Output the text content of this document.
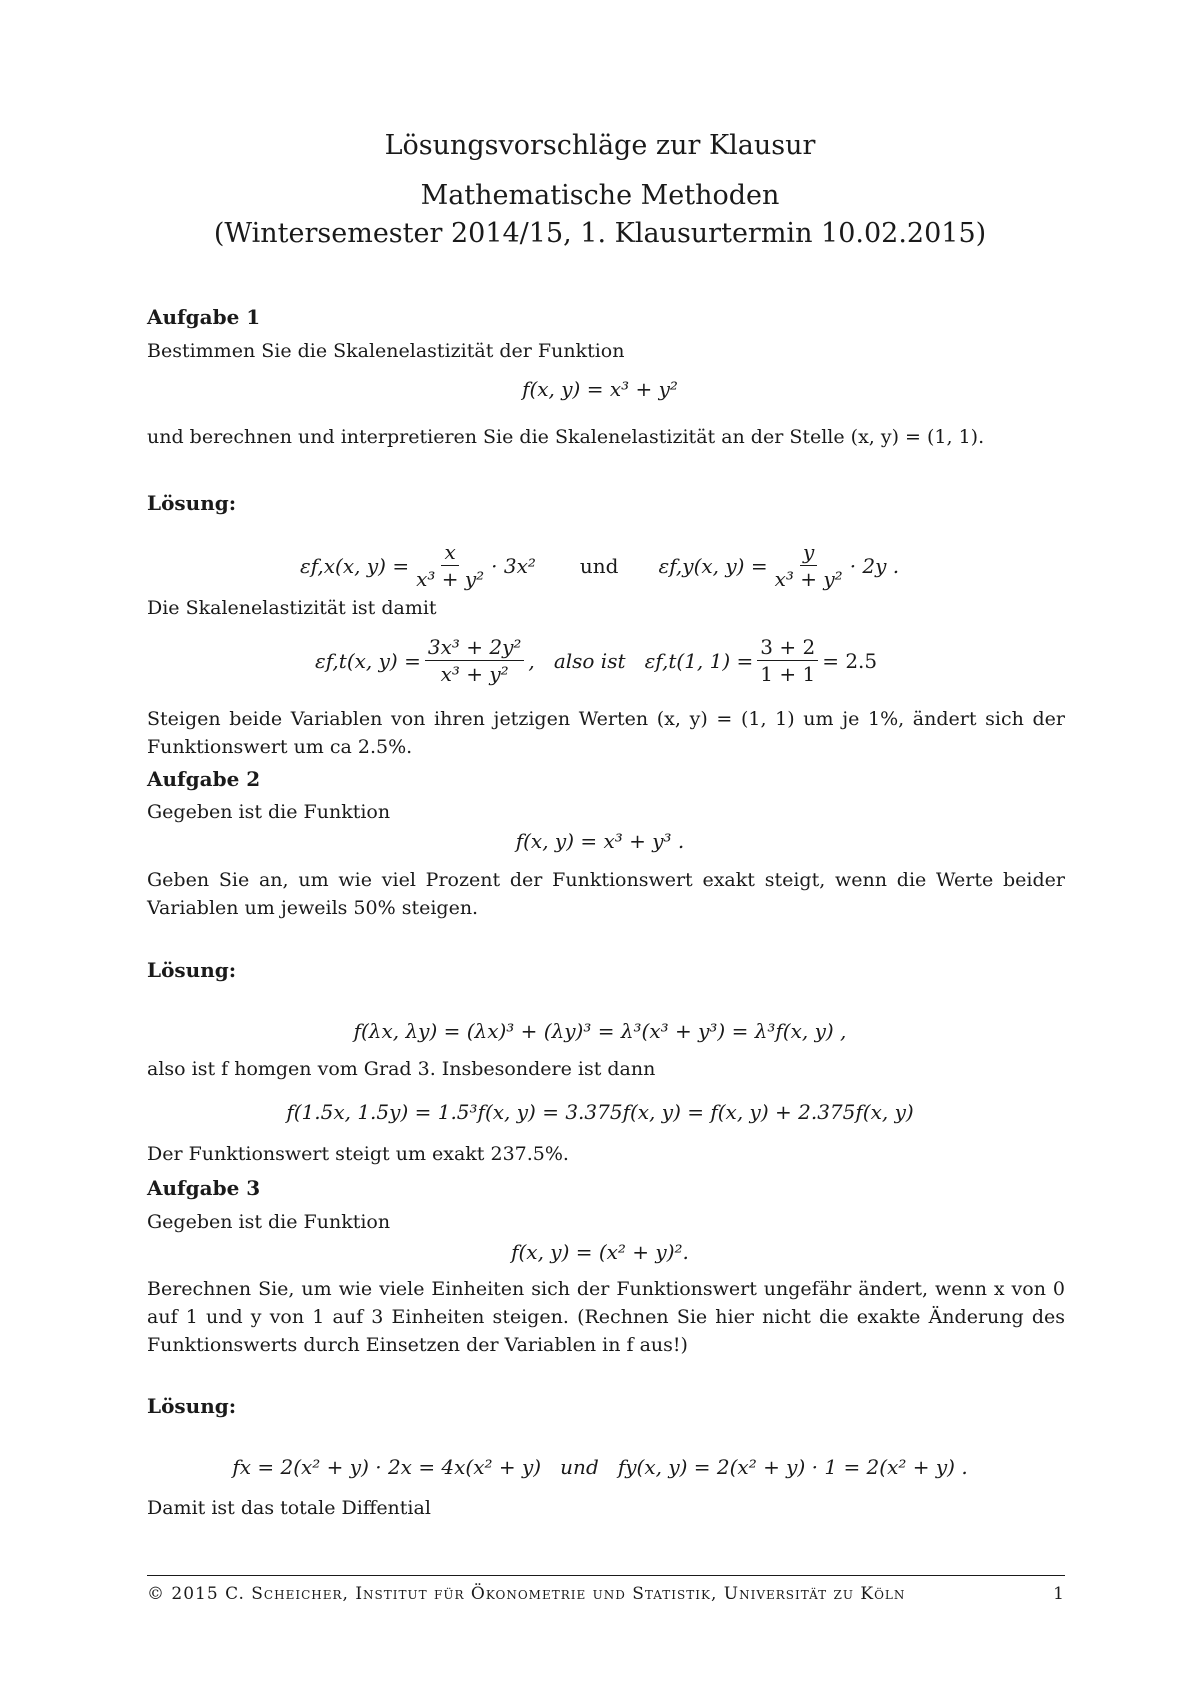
Lösungsvorschläge zur Klausur
Mathematische Methoden
(Wintersemester 2014/15, 1. Klausurtermin 10.02.2015)
Aufgabe 1
Bestimmen Sie die Skalenelastizität der Funktion
f(x, y) = x³ + y²
und berechnen und interpretieren Sie die Skalenelastizität an der Stelle (x, y) = (1, 1).
Lösung:
εf,x(x, $y) = \frac{x}{\text{x³ + y²}} \cdot 3x^2$ und εf,y(x, $y) = \frac{y}{\text{x³ + y²}} \cdot 2y$ .
Die Skalenelastizität ist damit
εf,t(x, $y) = \frac{\text{3x³ + 2y²}}{\text{x³ + y²}}$ ,   also ist   εf,t(1, $1) = \frac{3 + 2}{1 + 1} = 2.5$
Steigen beide Variablen von ihren jetzigen Werten (x, y) = (1, 1) um je 1%, ändert sich der Funktionswert um ca 2.5%.
Aufgabe 2
Gegeben ist die Funktion
f(x, y) = x³ + y³ .
Geben Sie an, um wie viel Prozent der Funktionswert exakt steigt, wenn die Werte beider Variablen um jeweils 50% steigen.
Lösung:
f(λx, λy) = (λx)³ + (λy)³ = λ³(x³ + y³) = λ³f(x, y) ,
also ist f homgen vom Grad 3. Insbesondere ist dann
f(1.5x, 1.5y) = 1.5³f(x, y) = 3.375f(x, y) = f(x, y) + 2.375f(x, y)
Der Funktionswert steigt um exakt 237.5%.
Aufgabe 3
Gegeben ist die Funktion
f(x, y) = (x² + y)².
Berechnen Sie, um wie viele Einheiten sich der Funktionswert ungefähr ändert, wenn x von 0 auf 1 und y von 1 auf 3 Einheiten steigen. (Rechnen Sie hier nicht die exakte Änderung des Funktionswerts durch Einsetzen der Variablen in f aus!)
Lösung:
fx = 2(x² + y) · 2x = 4x(x² + y)   und   fy(x, y) = 2(x² + y) · 1 = 2(x² + y) .
Damit ist das totale Diffential
© 2015 C. Scheicher, Institut für Ökonometrie und Statistik, Universität zu Köln	1
